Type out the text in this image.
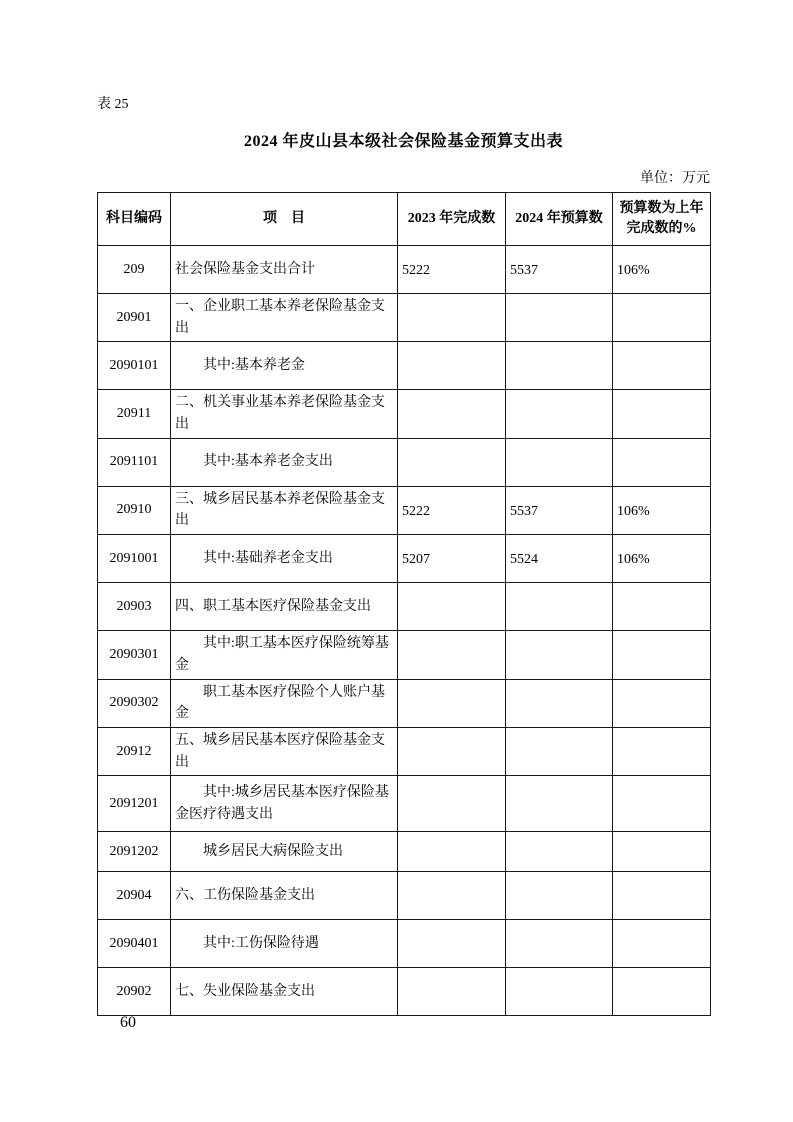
表 25
2024 年皮山县本级社会保险基金预算支出表
单位：万元
科目编码	项　目	2023 年完成数	2024 年预算数	预算数为上年完成数的%
209	社会保险基金支出合计	5222	5537	106%
20901	一、企业职工基本养老保险基金支出			
2090101	其中:基本养老金			
20911	二、机关事业基本养老保险基金支出			
2091101	其中:基本养老金支出			
20910	三、城乡居民基本养老保险基金支出	5222	5537	106%
2091001	其中:基础养老金支出	5207	5524	106%
20903	四、职工基本医疗保险基金支出			
2090301	其中:职工基本医疗保险统筹基金			
2090302	职工基本医疗保险个人账户基金			
20912	五、城乡居民基本医疗保险基金支出			
2091201	其中:城乡居民基本医疗保险基金医疗待遇支出			
2091202	城乡居民大病保险支出			
20904	六、工伤保险基金支出			
2090401	其中:工伤保险待遇			
20902	七、失业保险基金支出			
60
